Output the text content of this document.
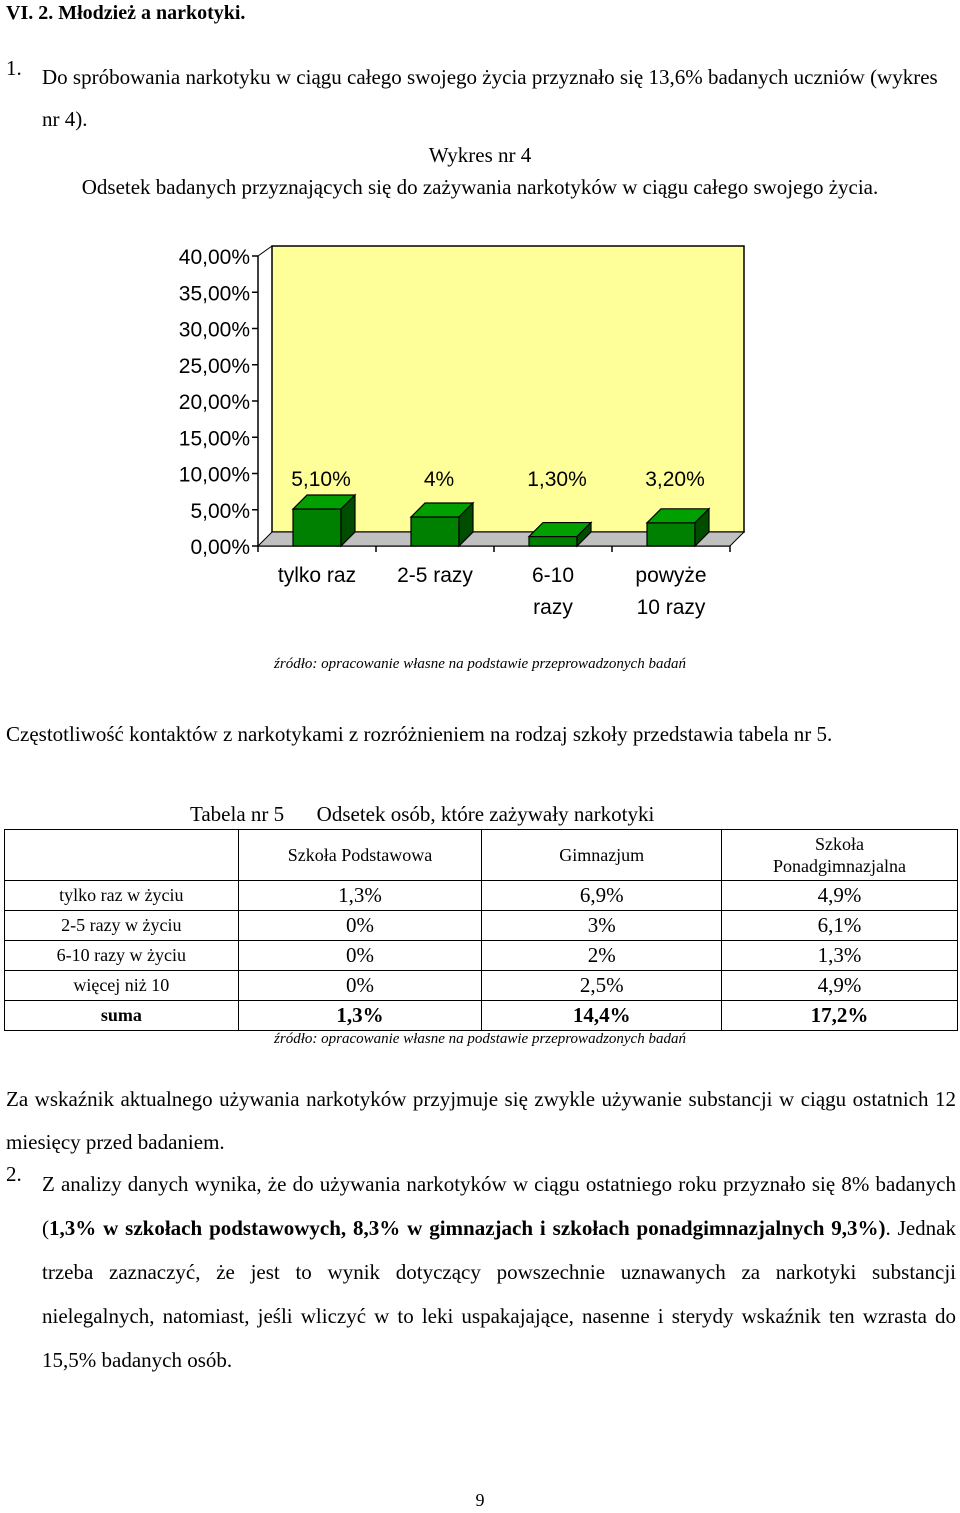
VI. 2. Młodzież a narkotyki.
1. Do spróbowania narkotyku w ciągu całego swojego życia przyznało się 13,6% badanych uczniów (wykres nr 4).
Wykres nr 4
Odsetek badanych przyznających się do zażywania narkotyków w ciągu całego swojego życia.
0,00%
5,00%
10,00%
15,00%
20,00%
25,00%
30,00%
35,00%
40,00%
5,10%	4%	1,30%	3,20%
tylko raz 2-5 razy	6-10
razy
powyże
10 razy
źródło: opracowanie własne na podstawie przeprowadzonych badań
Częstotliwość kontaktów z narkotykami z rozróżnieniem na rodzaj szkoły przedstawia tabela nr 5.
Tabela nr 5 Odsetek osób, które zażywały narkotyki
	Szkoła Podstawowa	Gimnazjum	Szkoła Ponadgimnazjalna
tylko raz w życiu	1,3%	6,9%	4,9%
2-5 razy w życiu	0%	3%	6,1%
6-10 razy w życiu	0%	2%	1,3%
więcej niż 10	0%	2,5%	4,9%
suma	1,3%	14,4%	17,2%
źródło: opracowanie własne na podstawie przeprowadzonych badań
Za wskaźnik aktualnego używania narkotyków przyjmuje się zwykle używanie substancji w ciągu ostatnich 12 miesięcy przed badaniem.
2. Z analizy danych wynika, że do używania narkotyków w ciągu ostatniego roku przyznało się 8% badanych (1,3% w szkołach podstawowych, 8,3% w gimnazjach i szkołach ponadgimnazjalnych 9,3%). Jednak trzeba zaznaczyć, że jest to wynik dotyczący powszechnie uznawanych za narkotyki substancji nielegalnych, natomiast, jeśli wliczyć w to leki uspakajające, nasenne i sterydy wskaźnik ten wzrasta do 15,5% badanych osób.
9
